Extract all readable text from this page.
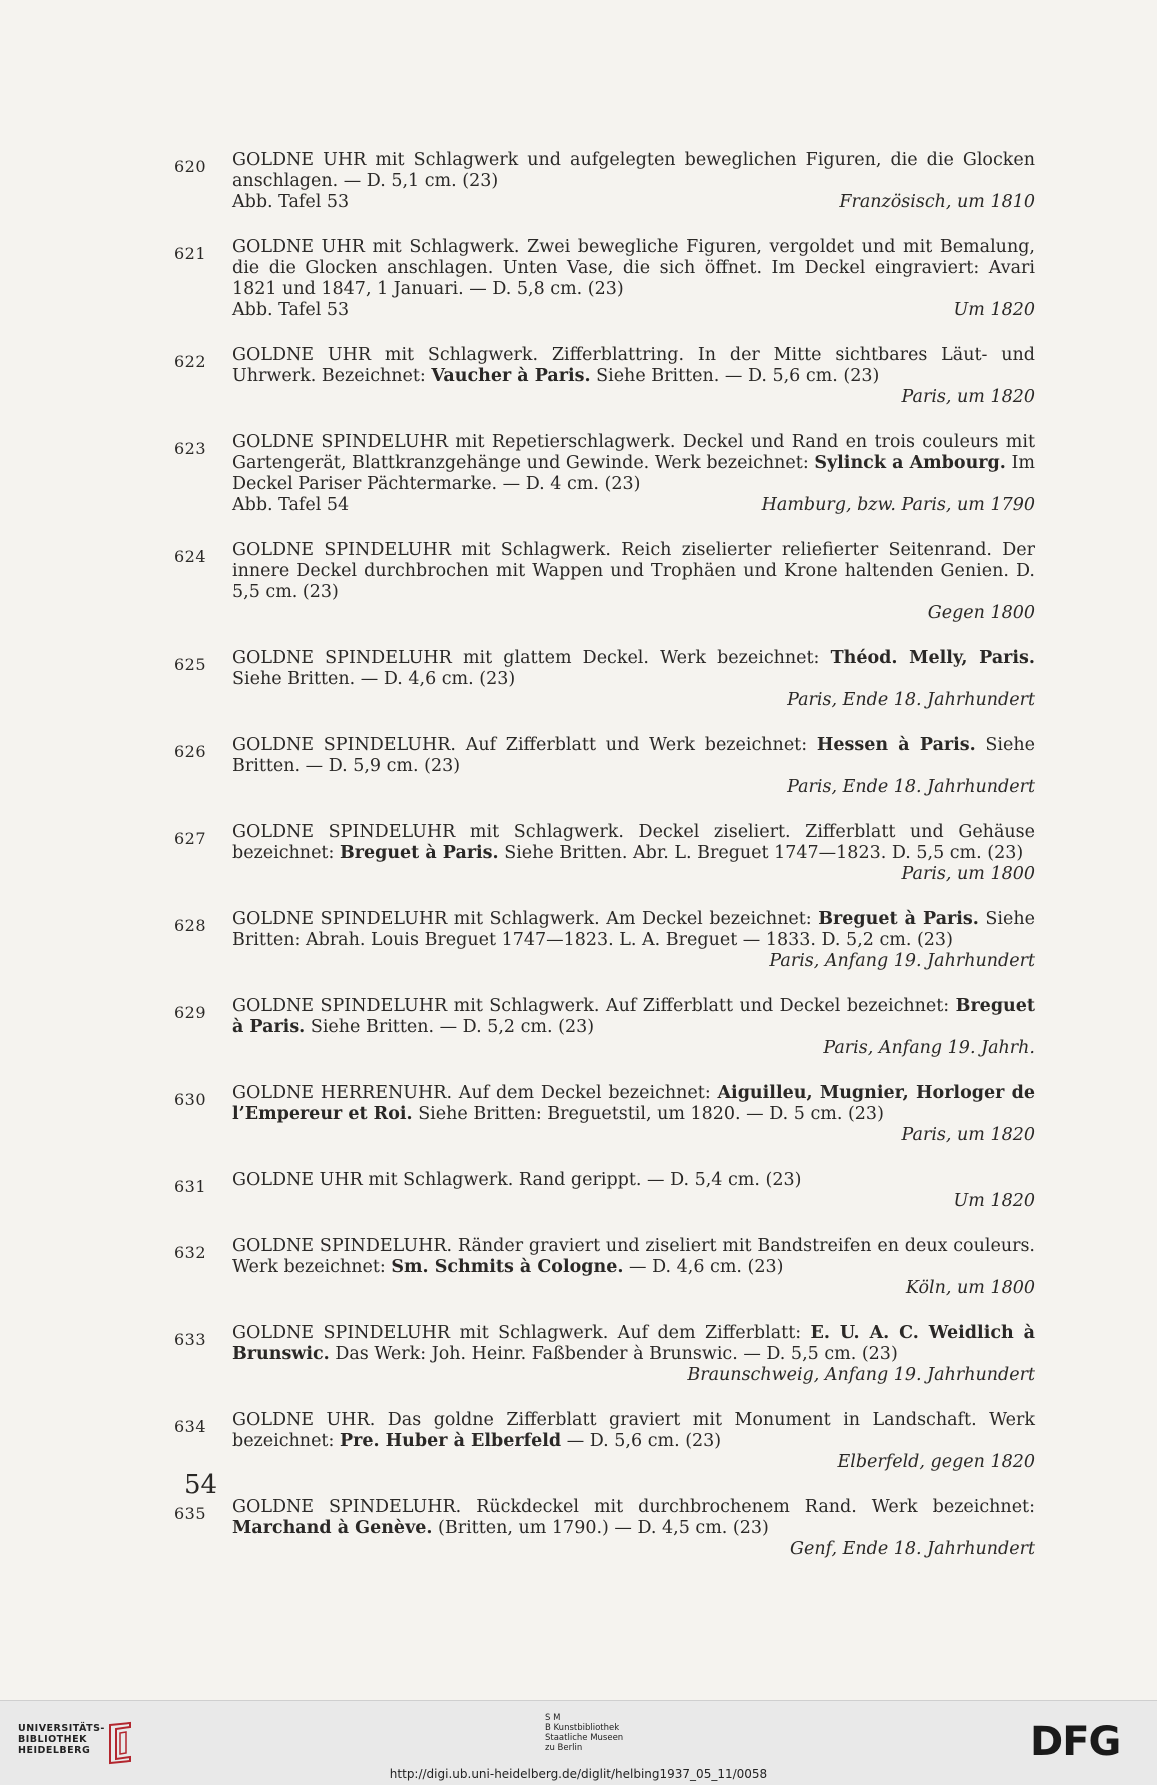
620 GOLDNE UHR mit Schlagwerk und aufgelegten beweglichen Figuren, die die Glocken anschlagen. — D. 5,1 cm. (23)
Abb. Tafel 53	Französisch, um 1810
621 GOLDNE UHR mit Schlagwerk. Zwei bewegliche Figuren, vergoldet und mit Bemalung, die die Glocken anschlagen. Unten Vase, die sich öffnet. Im Deckel eingraviert: Avari 1821 und 1847, 1 Januari. — D. 5,8 cm. (23)
Abb. Tafel 53	Um 1820
622 GOLDNE UHR mit Schlagwerk. Zifferblattring. In der Mitte sichtbares Läut- und Uhrwerk. Bezeichnet: Vaucher à Paris. Siehe Britten. — D. 5,6 cm. (23)
Paris, um 1820
623 GOLDNE SPINDELUHR mit Repetierschlagwerk. Deckel und Rand en trois couleurs mit Gartengerät, Blattkranzgehänge und Gewinde. Werk bezeichnet: Sylinck a Ambourg. Im Deckel Pariser Pächtermarke. — D. 4 cm. (23)
Abb. Tafel 54	Hamburg, bzw. Paris, um 1790
624 GOLDNE SPINDELUHR mit Schlagwerk. Reich ziselierter reliefierter Seitenrand. Der innere Deckel durchbrochen mit Wappen und Trophäen und Krone haltenden Genien. D. 5,5 cm. (23)
Gegen 1800
625 GOLDNE SPINDELUHR mit glattem Deckel. Werk bezeichnet: Théod. Melly, Paris. Siehe Britten. — D. 4,6 cm. (23)
Paris, Ende 18. Jahrhundert
626 GOLDNE SPINDELUHR. Auf Zifferblatt und Werk bezeichnet: Hessen à Paris. Siehe Britten. — D. 5,9 cm. (23)
Paris, Ende 18. Jahrhundert
627 GOLDNE SPINDELUHR mit Schlagwerk. Deckel ziseliert. Zifferblatt und Gehäuse bezeichnet: Breguet à Paris. Siehe Britten. Abr. L. Breguet 1747—1823. D. 5,5 cm. (23)
Paris, um 1800
628 GOLDNE SPINDELUHR mit Schlagwerk. Am Deckel bezeichnet: Breguet à Paris. Siehe Britten: Abrah. Louis Breguet 1747—1823. L. A. Breguet — 1833. D. 5,2 cm. (23)
Paris, Anfang 19. Jahrhundert
629 GOLDNE SPINDELUHR mit Schlagwerk. Auf Zifferblatt und Deckel bezeichnet: Breguet à Paris. Siehe Britten. — D. 5,2 cm. (23)
Paris, Anfang 19. Jahrh.
630 GOLDNE HERRENUHR. Auf dem Deckel bezeichnet: Aiguilleu, Mugnier, Horloger de l’Empereur et Roi. Siehe Britten: Breguetstil, um 1820. — D. 5 cm. (23)
Paris, um 1820
631 GOLDNE UHR mit Schlagwerk. Rand gerippt. — D. 5,4 cm. (23)
Um 1820
632 GOLDNE SPINDELUHR. Ränder graviert und ziseliert mit Bandstreifen en deux couleurs. Werk bezeichnet: Sm. Schmits à Cologne. — D. 4,6 cm. (23)
Köln, um 1800
633 GOLDNE SPINDELUHR mit Schlagwerk. Auf dem Zifferblatt: E. U. A. C. Weidlich à Brunswic. Das Werk: Joh. Heinr. Faßbender à Brunswic. — D. 5,5 cm. (23)
Braunschweig, Anfang 19. Jahrhundert
634 GOLDNE UHR. Das goldne Zifferblatt graviert mit Monument in Landschaft. Werk bezeichnet: Pre. Huber à Elberfeld — D. 5,6 cm. (23)
Elberfeld, gegen 1820
635 GOLDNE SPINDELUHR. Rückdeckel mit durchbrochenem Rand. Werk bezeichnet: Marchand à Genève. (Britten, um 1790.) — D. 4,5 cm. (23)
Genf, Ende 18. Jahrhundert
54
UNIVERSITÄTS-
BIBLIOTHEK
HEIDELBERG
S M
B Kunstbibliothek
Staatliche Museen
zu Berlin	DFG
http://digi.ub.uni-heidelberg.de/diglit/helbing1937_05_11/0058
